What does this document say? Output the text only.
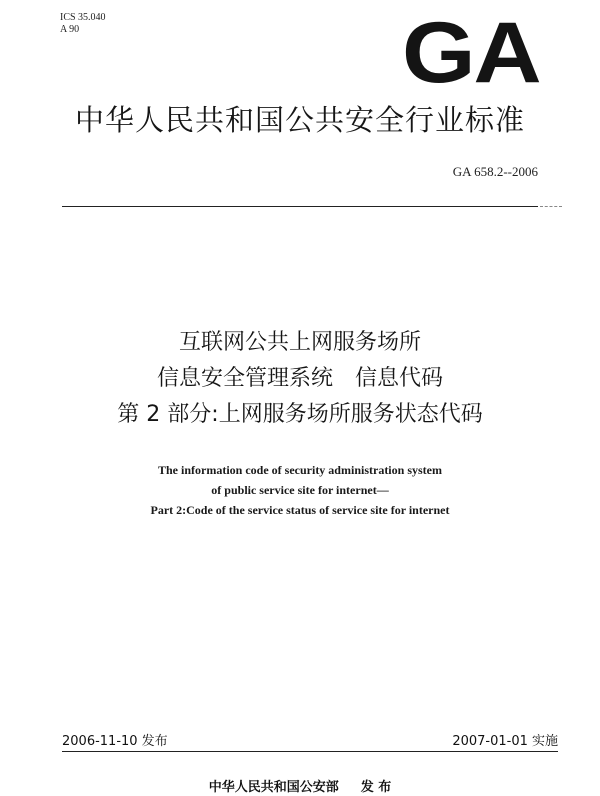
ICS 35.040
A 90	GA
中华人民共和国公共安全行业标准
GA 658.2--2006
互联网公共上网服务场所
信息安全管理系统　信息代码
第 2 部分:上网服务场所服务状态代码
The information code of security administration system
of public service site for internet—
Part 2:Code of the service status of service site for internet
2006-11-10 发布	2007-01-01 实施
中华人民共和国公安部 发 布
